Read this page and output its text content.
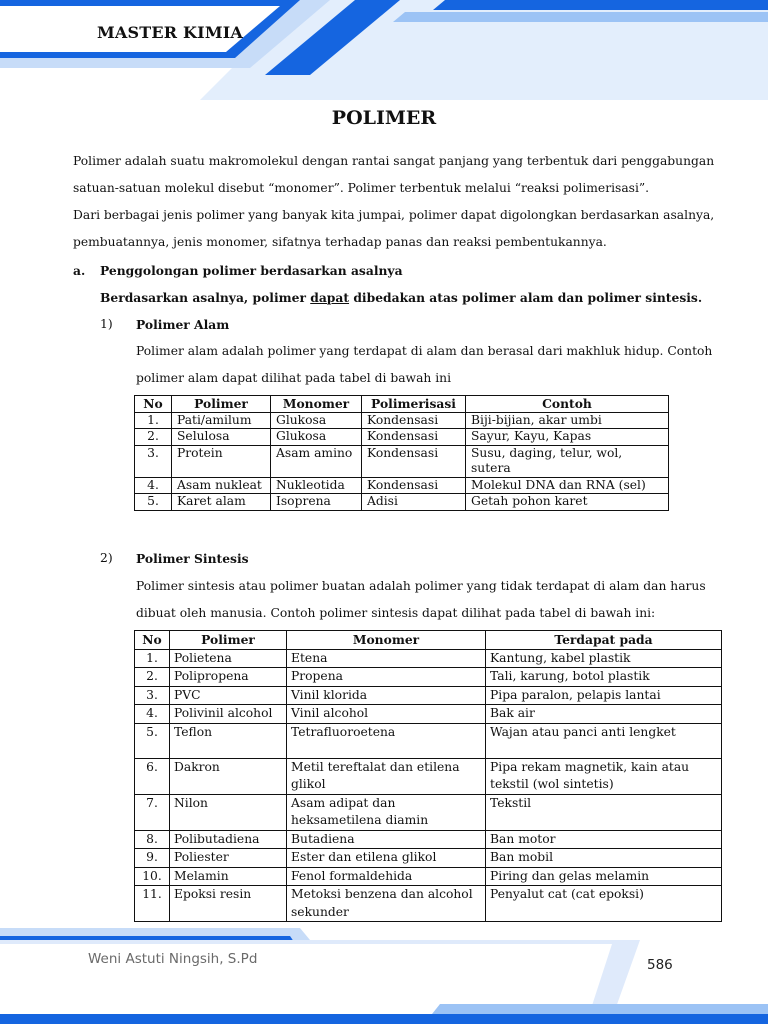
MASTER KIMIA
POLIMER
Polimer adalah suatu makromolekul dengan rantai sangat panjang yang terbentuk dari penggabungan
satuan-satuan molekul disebut “monomer”. Polimer terbentuk melalui “reaksi polimerisasi”.
Dari berbagai jenis polimer yang banyak kita jumpai, polimer dapat digolongkan berdasarkan asalnya,
pembuatannya, jenis monomer, sifatnya terhadap panas dan reaksi pembentukannya.
a. Penggolongan polimer berdasarkan asalnya
Berdasarkan asalnya, polimer dapat dibedakan atas polimer alam dan polimer sintesis.
1) Polimer Alam
Polimer alam adalah polimer yang terdapat di alam dan berasal dari makhluk hidup. Contoh
polimer alam dapat dilihat pada tabel di bawah ini
No	Polimer	Monomer	Polimerisasi	Contoh
1.	Pati/amilum	Glukosa	Kondensasi	Biji-bijian, akar umbi
2.	Selulosa	Glukosa	Kondensasi	Sayur, Kayu, Kapas
3.	Protein	Asam amino	Kondensasi	Susu, daging, telur, wol, sutera
4.	Asam nukleat	Nukleotida	Kondensasi	Molekul DNA dan RNA (sel)
5.	Karet alam	Isoprena	Adisi	Getah pohon karet
2) Polimer Sintesis
Polimer sintesis atau polimer buatan adalah polimer yang tidak terdapat di alam dan harus
dibuat oleh manusia. Contoh polimer sintesis dapat dilihat pada tabel di bawah ini:
No	Polimer	Monomer	Terdapat pada
1.	Polietena	Etena	Kantung, kabel plastik
2.	Polipropena	Propena	Tali, karung, botol plastik
3.	PVC	Vinil klorida	Pipa paralon, pelapis lantai
4.	Polivinil alcohol	Vinil alcohol	Bak air
5.	Teflon	Tetrafluoroetena	Wajan atau panci anti lengket
6.	Dakron	Metil tereftalat dan etilena glikol	Pipa rekam magnetik, kain atau tekstil (wol sintetis)
7.	Nilon	Asam adipat dan heksametilena diamin	Tekstil
8.	Polibutadiena	Butadiena	Ban motor
9.	Poliester	Ester dan etilena glikol	Ban mobil
10.	Melamin	Fenol formaldehida	Piring dan gelas melamin
11.	Epoksi resin	Metoksi benzena dan alcohol sekunder	Penyalut cat (cat epoksi)
Weni Astuti Ningsih, S.Pd	586
